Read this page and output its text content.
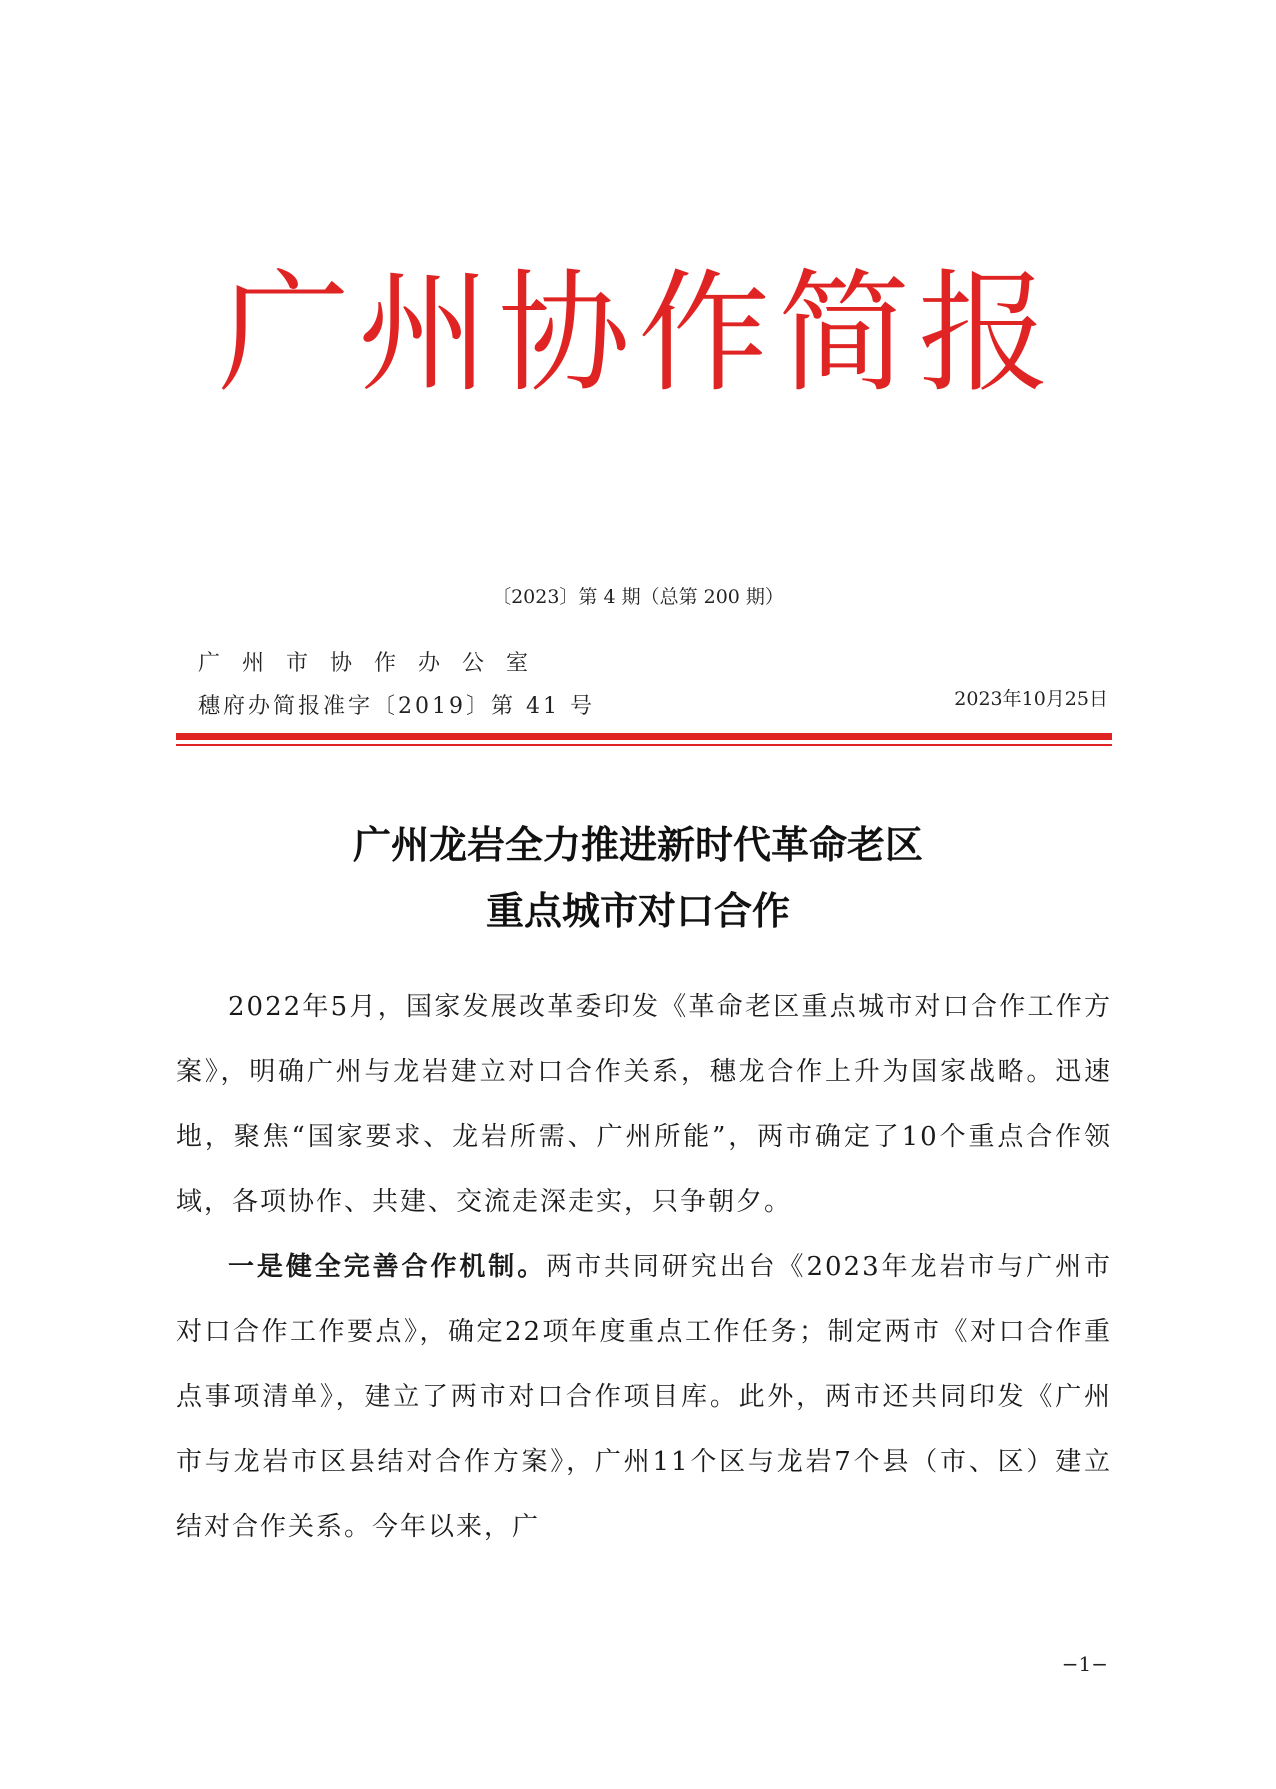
广州协作简报
〔2023〕第 4 期（总第 200 期）
广州市协作办公室
穗府办简报准字〔2019〕第 41 号	2023年10月25日
广州龙岩全力推进新时代革命老区
重点城市对口合作

2022年5月，国家发展改革委印发《革命老区重点城市对口合作工作方案》，明确广州与龙岩建立对口合作关系，穗龙合作上升为国家战略。迅速地，聚焦“国家要求、龙岩所需、广州所能”，两市确定了10个重点合作领域，各项协作、共建、交流走深走实，只争朝夕。

一是健全完善合作机制。两市共同研究出台《2023年龙岩市与广州市对口合作工作要点》，确定22项年度重点工作任务；制定两市《对口合作重点事项清单》，建立了两市对口合作项目库。此外，两市还共同印发《广州市与龙岩市区县结对合作方案》，广州11个区与龙岩7个县（市、区）建立结对合作关系。今年以来，广

−1−
